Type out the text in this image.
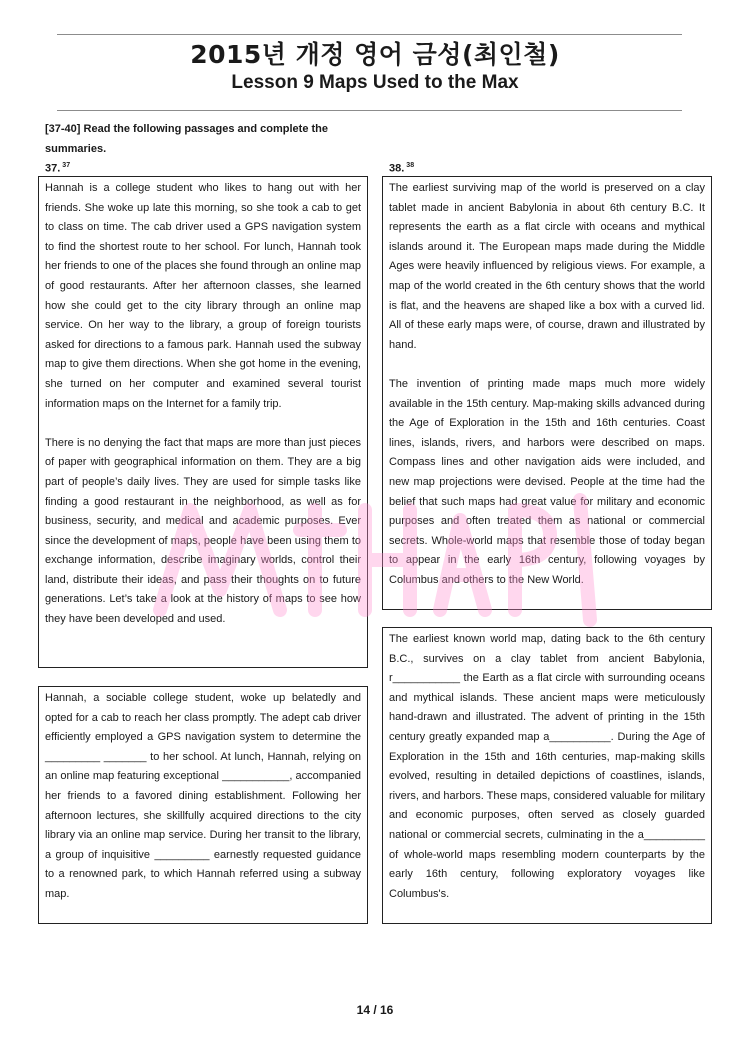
2015년 개정 영어 금성(최인철)
Lesson 9 Maps Used to the Max
[37-40] Read the following passages and complete the summaries.
37. $^{37}$	38. $^{38}$

Hannah is a college student who likes to hang out with her friends. She woke up late this morning, so she took a cab to get to class on time. The cab driver used a GPS navigation system to find the shortest route to her school. For lunch, Hannah took her friends to one of the places she found through an online map of good restaurants. After her afternoon classes, she learned how she could get to the city library through an online map service. On her way to the library, a group of foreign tourists asked for directions to a famous park. Hannah used the subway map to give them directions. When she got home in the evening, she turned on her computer and examined several tourist information maps on the Internet for a family trip.

There is no denying the fact that maps are more than just pieces of paper with geographical information on them. They are a big part of people’s daily lives. They are used for simple tasks like finding a good restaurant in the neighborhood, as well as for business, security, and medical and academic purposes. Ever since the development of maps, people have been using them to exchange information, describe imaginary worlds, control their land, distribute their ideas, and pass their thoughts on to future generations. Let’s take a look at the history of maps to see how they have been developed and used.

Hannah, a sociable college student, woke up belatedly and opted for a cab to reach her class promptly. The adept cab driver efficiently employed a GPS navigation system to determine the _________ _______ to her school. At lunch, Hannah, relying on an online map featuring exceptional ___________, accompanied her friends to a favored dining establishment. Following her afternoon lectures, she skillfully acquired directions to the city library via an online map service. During her transit to the library, a group of inquisitive _________ earnestly requested guidance to a renowned park, to which Hannah referred using a subway map.

The earliest surviving map of the world is preserved on a clay tablet made in ancient Babylonia in about 6th century B.C. It represents the earth as a flat circle with oceans and mythical islands around it. The European maps made during the Middle Ages were heavily influenced by religious views. For example, a map of the world created in the 6th century shows that the world is flat, and the heavens are shaped like a box with a curved lid. All of these early maps were, of course, drawn and illustrated by hand.

The invention of printing made maps much more widely available in the 15th century. Map-making skills advanced during the Age of Exploration in the 15th and 16th centuries. Coast lines, islands, rivers, and harbors were described on maps. Compass lines and other navigation aids were included, and new map projections were devised. People at the time had the belief that such maps had great value for military and economic purposes and often treated them as national or commercial secrets. Whole-world maps that resemble those of today began to appear in the early 16th century, following voyages by Columbus and others to the New World.

The earliest known world map, dating back to the 6th century B.C., survives on a clay tablet from ancient Babylonia, r___________ the Earth as a flat circle with surrounding oceans and mythical islands. These ancient maps were meticulously hand-drawn and illustrated. The advent of printing in the 15th century greatly expanded map a__________. During the Age of Exploration in the 15th and 16th centuries, map-making skills evolved, resulting in detailed depictions of coastlines, islands, rivers, and harbors. These maps, considered valuable for military and economic purposes, often served as closely guarded national or commercial secrets, culminating in the a__________ of whole-world maps resembling modern counterparts by the early 16th century, following exploratory voyages like Columbus's.

14 / 16
